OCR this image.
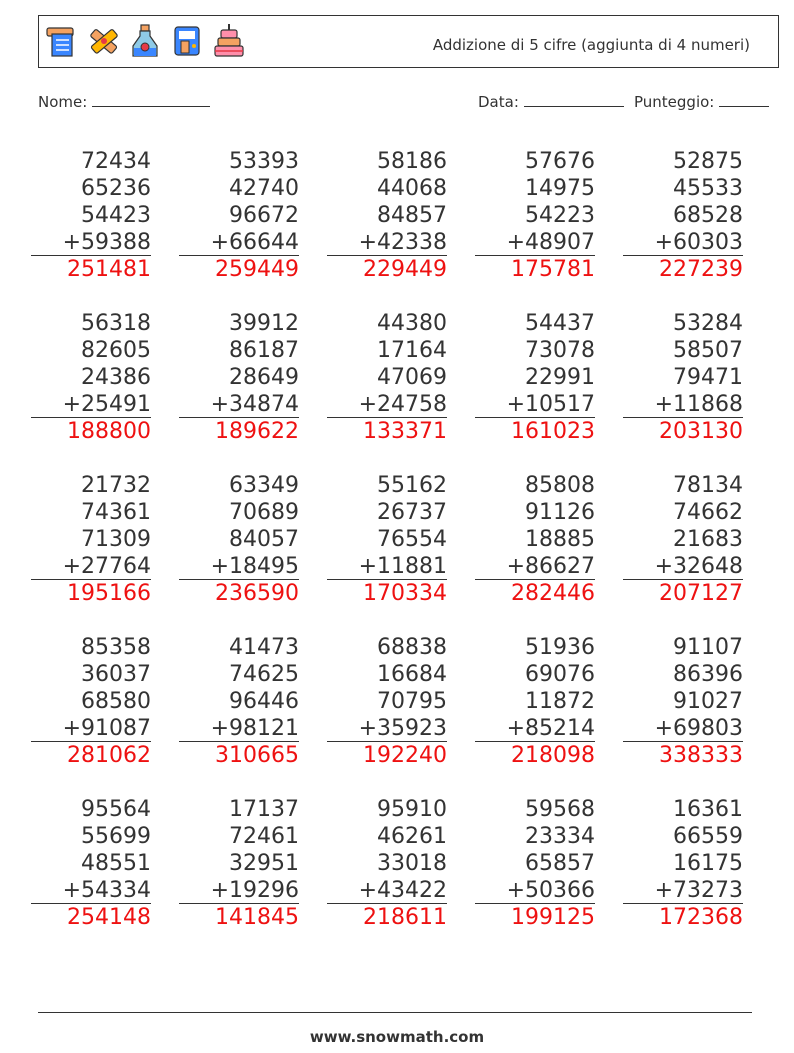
Addizione di 5 cifre (aggiunta di 4 numeri)
Nome:	Data:	Punteggio:
72434
65236
54423
+59388
251481
53393
42740
96672
+66644
259449
58186
44068
84857
+42338
229449
57676
14975
54223
+48907
175781
52875
45533
68528
+60303
227239
56318
82605
24386
+25491
188800
39912
86187
28649
+34874
189622
44380
17164
47069
+24758
133371
54437
73078
22991
+10517
161023
53284
58507
79471
+11868
203130
21732
74361
71309
+27764
195166
63349
70689
84057
+18495
236590
55162
26737
76554
+11881
170334
85808
91126
18885
+86627
282446
78134
74662
21683
+32648
207127
85358
36037
68580
+91087
281062
41473
74625
96446
+98121
310665
68838
16684
70795
+35923
192240
51936
69076
11872
+85214
218098
91107
86396
91027
+69803
338333
95564
55699
48551
+54334
254148
17137
72461
32951
+19296
141845
95910
46261
33018
+43422
218611
59568
23334
65857
+50366
199125
16361
66559
16175
+73273
172368
www.snowmath.com
